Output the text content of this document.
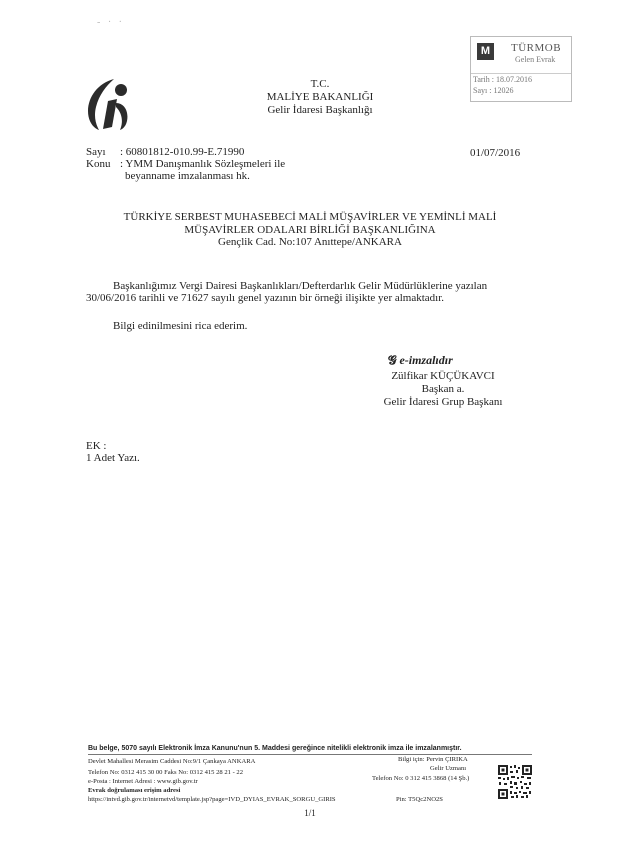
-   ·   ·
M	TÜRMOB
Gelen Evrak
Tarih : 18.07.2016
Sayı : 12026
T.C.
MALİYE BAKANLIĞI
Gelir İdaresi Başkanlığı
Sayı : 60801812-010.99-E.71990	01/07/2016
Konu : YMM Danışmanlık Sözleşmeleri ile
beyanname imzalanması hk.
TÜRKİYE SERBEST MUHASEBECİ MALİ MÜŞAVİRLER VE YEMİNLİ MALİ
MÜŞAVİRLER ODALARI BİRLİĞİ BAŞKANLIĞINA
Gençlik Cad. No:107 Anıttepe/ANKARA
Başkanlığımız Vergi Dairesi Başkanlıkları/Defterdarlık Gelir Müdürlüklerine yazılan
30/06/2016 tarihli ve 71627 sayılı genel yazının bir örneği ilişikte yer almaktadır.
Bilgi edinilmesini rica ederim.
𝓖 e-imzalıdır
Zülfikar KÜÇÜKAVCI
Başkan a.
Gelir İdaresi Grup Başkanı
EK :
1 Adet Yazı.
Bu belge, 5070 sayılı Elektronik İmza Kanunu'nun 5. Maddesi gereğince nitelikli elektronik imza ile imzalanmıştır.
Devlet Mahallesi Merasim Caddesi No:9/1 Çankaya ANKARA
Telefon No: 0312 415 30 00 Faks No: 0312 415 28 21 - 22
e-Posta : Internet Adresi : www.gib.gov.tr
Evrak doğrulaması erişim adresi
https://intvd.gib.gov.tr/internetvd/template.jsp?page=IVD_DYIAS_EVRAK_SORGU_GIRIS
Bilgi için: Pervin ÇIRIKA
Gelir Uzmanı
Telefon No: 0 312 415 3868 (14 Şb.)
Pin: T5Qc2NO2S
1/1
